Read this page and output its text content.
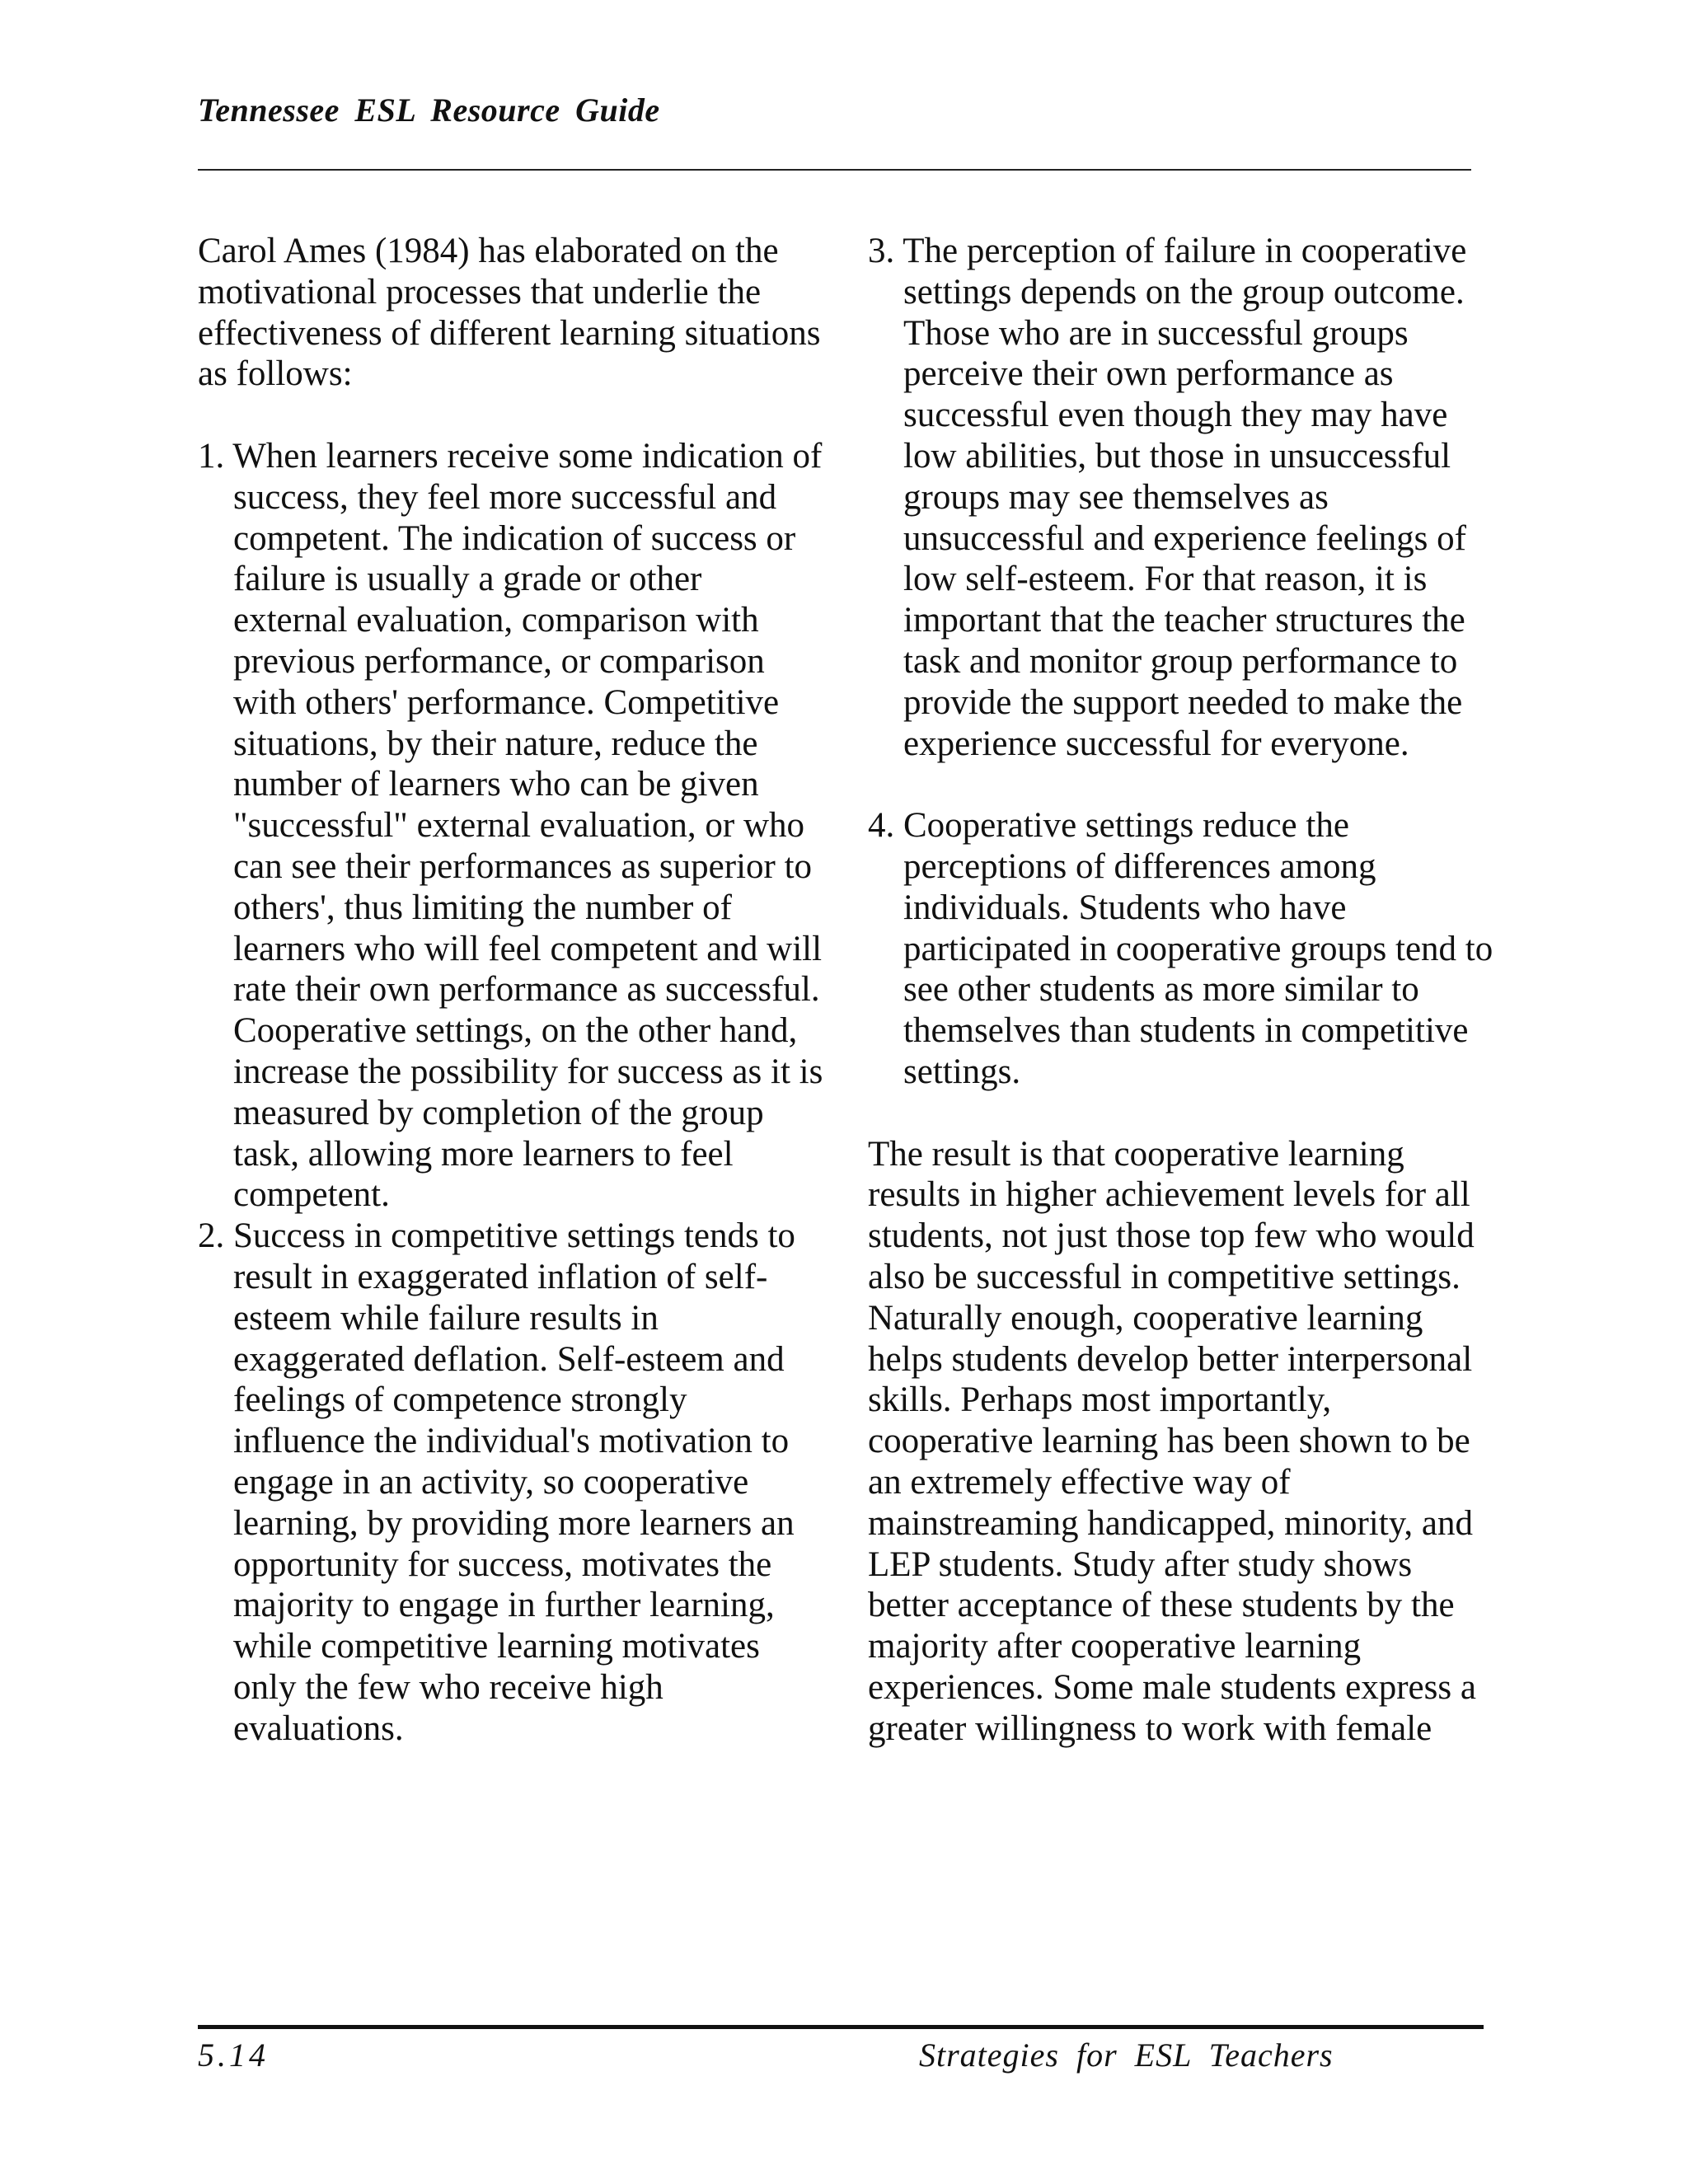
Tennessee ESL Resource Guide

Carol Ames (1984) has elaborated on the motivational processes that underlie the effectiveness of different learning situations as follows:

1. When learners receive some indication of success, they feel more successful and competent. The indication of success or failure is usually a grade or other external evaluation, comparison with previous performance, or comparison with others' performance. Competitive situations, by their nature, reduce the number of learners who can be given "successful" external evaluation, or who can see their performances as superior to others', thus limiting the number of learners who will feel competent and will rate their own performance as successful. Cooperative settings, on the other hand, increase the possibility for success as it is measured by completion of the group task, allowing more learners to feel competent.

2. Success in competitive settings tends to result in exaggerated inflation of self-esteem while failure results in exaggerated deflation. Self-esteem and feelings of competence strongly influence the individual's motivation to engage in an activity, so cooperative learning, by providing more learners an opportunity for success, motivates the majority to engage in further learning, while competitive learning motivates only the few who receive high evaluations.

3. The perception of failure in cooperative settings depends on the group outcome. Those who are in successful groups perceive their own performance as successful even though they may have low abilities, but those in unsuccessful groups may see themselves as unsuccessful and experience feelings of low self-esteem. For that reason, it is important that the teacher structures the task and monitor group performance to provide the support needed to make the experience successful for everyone.

4. Cooperative settings reduce the perceptions of differences among individuals. Students who have participated in cooperative groups tend to see other students as more similar to themselves than students in competitive settings.

The result is that cooperative learning results in higher achievement levels for all students, not just those top few who would also be successful in competitive settings. Naturally enough, cooperative learning helps students develop better interpersonal skills. Perhaps most importantly, cooperative learning has been shown to be an extremely effective way of mainstreaming handicapped, minority, and LEP students. Study after study shows better acceptance of these students by the majority after cooperative learning experiences. Some male students express a greater willingness to work with female

5.14	Strategies for ESL Teachers
